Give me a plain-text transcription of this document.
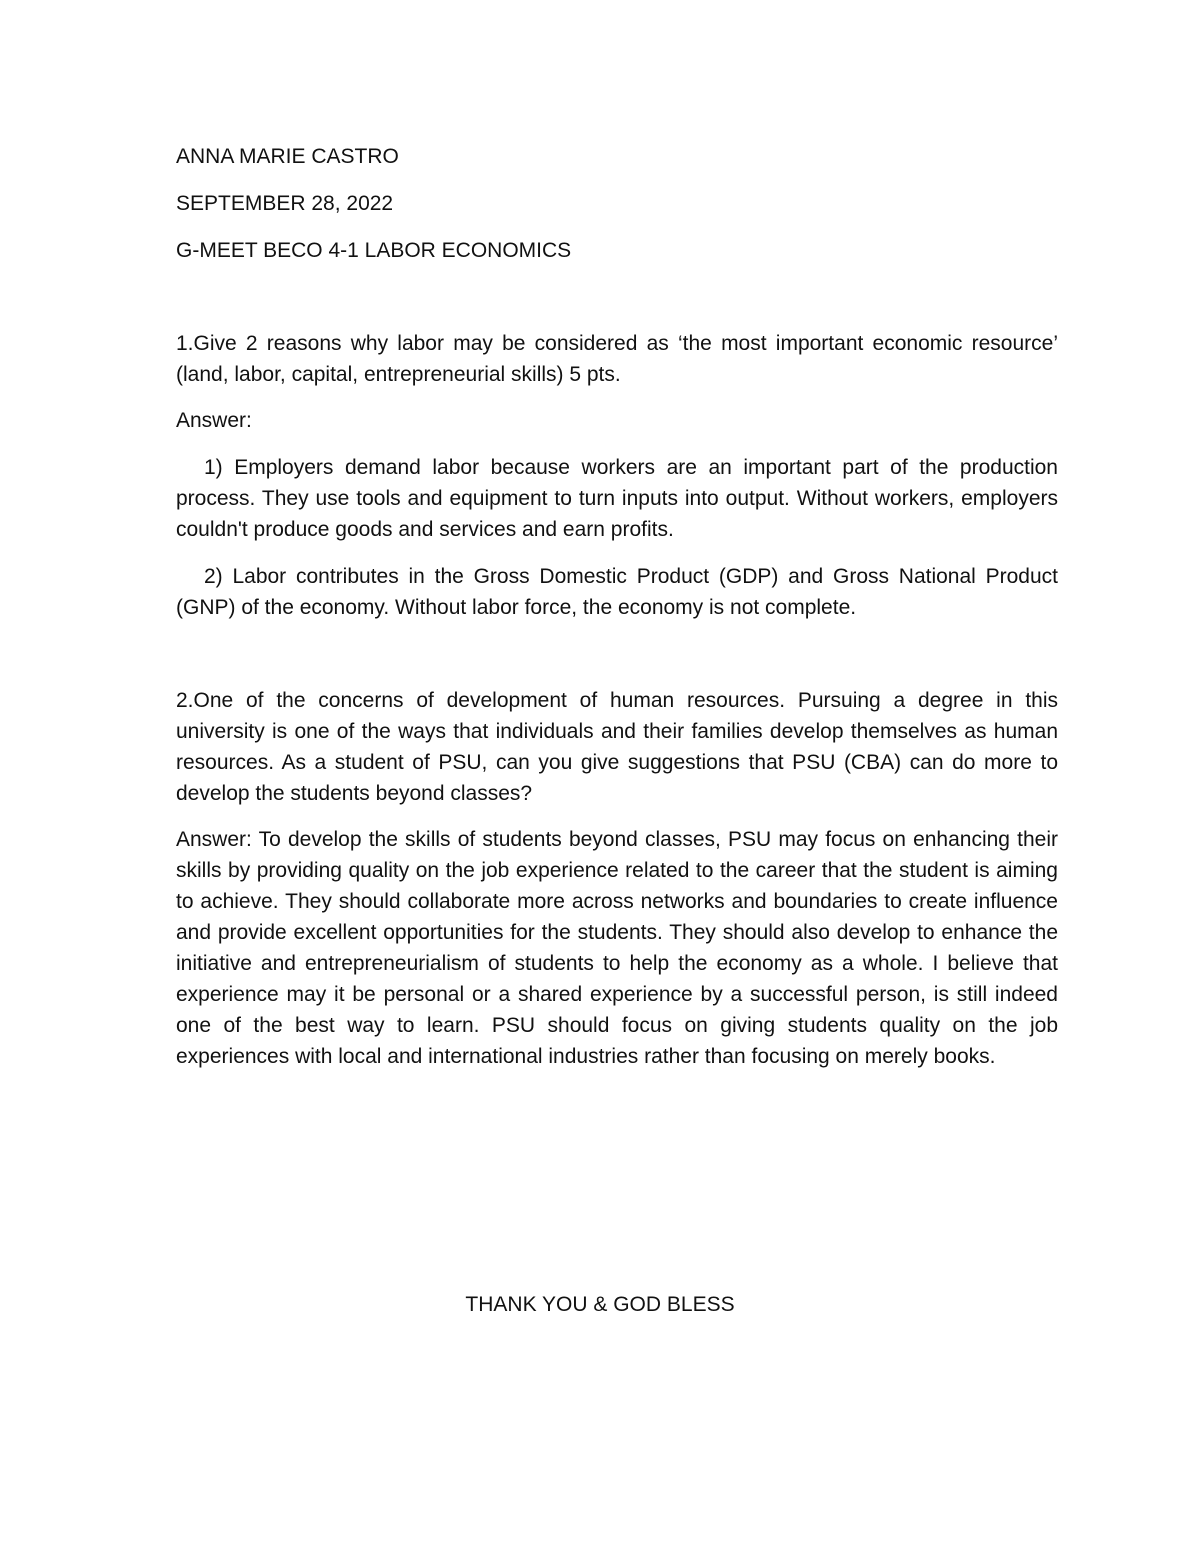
ANNA MARIE CASTRO
SEPTEMBER 28, 2022
G-MEET BECO 4-1 LABOR ECONOMICS

1.Give 2 reasons why labor may be considered as ‘the most important economic resource’ (land, labor, capital, entrepreneurial skills) 5 pts.

Answer:

1) Employers demand labor because workers are an important part of the production process. They use tools and equipment to turn inputs into output. Without workers, employers couldn't produce goods and services and earn profits.

2) Labor contributes in the Gross Domestic Product (GDP) and Gross National Product (GNP) of the economy. Without labor force, the economy is not complete.

2.One of the concerns of development of human resources. Pursuing a degree in this university is one of the ways that individuals and their families develop themselves as human resources. As a student of PSU, can you give suggestions that PSU (CBA) can do more to develop the students beyond classes?

Answer: To develop the skills of students beyond classes, PSU may focus on enhancing their skills by providing quality on the job experience related to the career that the student is aiming to achieve. They should collaborate more across networks and boundaries to create influence and provide excellent opportunities for the students. They should also develop to enhance the initiative and entrepreneurialism of students to help the economy as a whole. I believe that experience may it be personal or a shared experience by a successful person, is still indeed one of the best way to learn. PSU should focus on giving students quality on the job experiences with local and international industries rather than focusing on merely books.

THANK YOU & GOD BLESS
